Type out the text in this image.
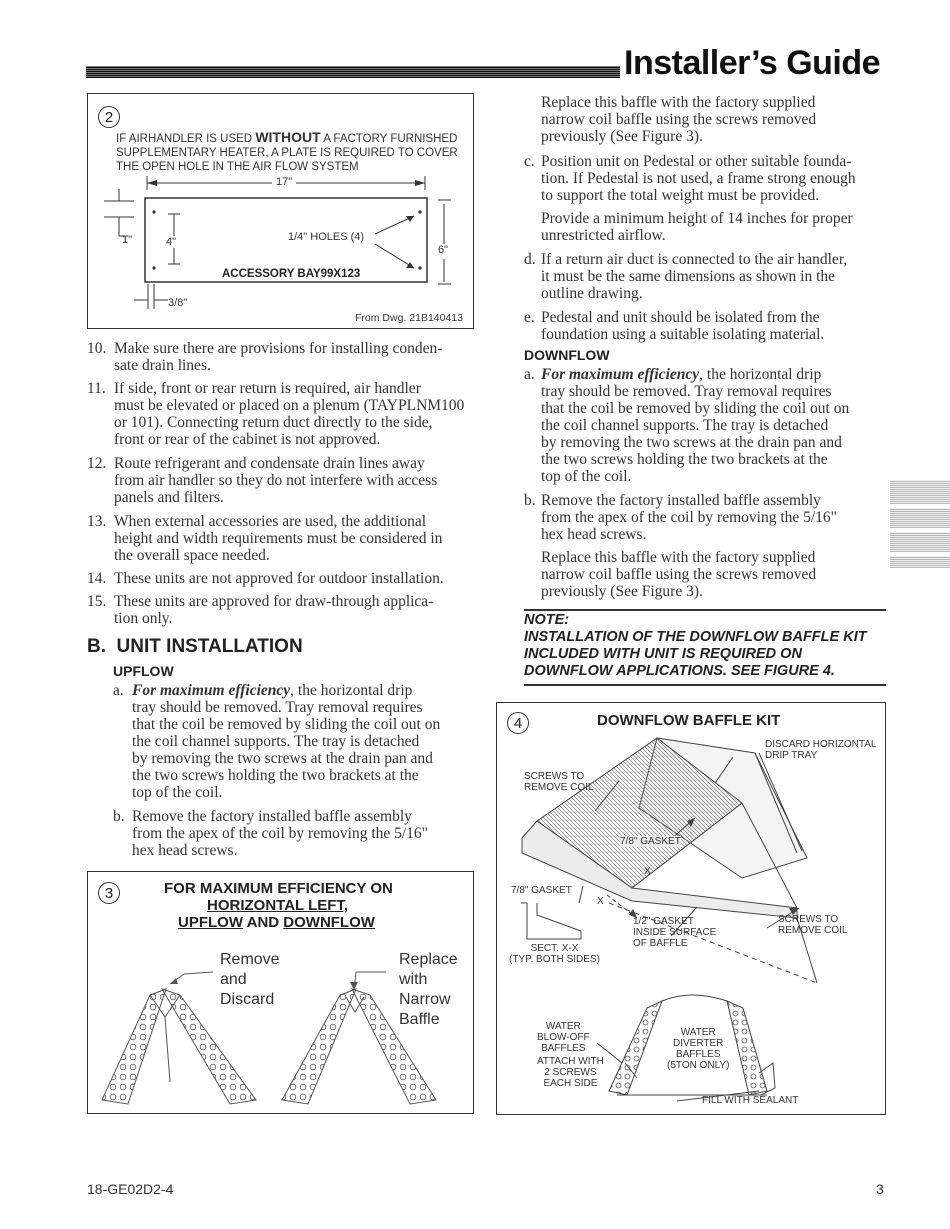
Installer’s Guide
2
IF AIRHANDLER IS USED WITHOUT A FACTORY FURNISHED SUPPLEMENTARY HEATER, A PLATE IS REQUIRED TO COVER THE OPEN HOLE IN THE AIR FLOW SYSTEM
17"
1"	4"
6"
3/8"
1/4" HOLES (4)
ACCESSORY BAY99X123
From Dwg. 21B140413
10. Make sure there are provisions for installing conden-
sate drain lines.
11. If side, front or rear return is required, air handler
must be elevated or placed on a plenum (TAYPLNM100
or 101). Connecting return duct directly to the side,
front or rear of the cabinet is not approved.
12. Route refrigerant and condensate drain lines away
from air handler so they do not interfere with access
panels and filters.
13. When external accessories are used, the additional
height and width requirements must be considered in
the overall space needed.
14. These units are not approved for outdoor installation.
15. These units are approved for draw-through applica-
tion only.
B.  UNIT INSTALLATION
UPFLOW
a. For maximum efficiency, the horizontal drip
tray should be removed. Tray removal requires
that the coil be removed by sliding the coil out on
the coil channel supports. The tray is detached
by removing the two screws at the drain pan and
the two screws holding the two brackets at the
top of the coil.
b. Remove the factory installed baffle assembly
from the apex of the coil by removing the 5/16"
hex head screws.
3	FOR MAXIMUM EFFICIENCY ON
HORIZONTAL LEFT,
UPFLOW AND DOWNFLOW
Remove
and
Discard
Replace
with
Narrow
Baffle
Replace this baffle with the factory supplied
narrow coil baffle using the screws removed
previously (See Figure 3).
c. Position unit on Pedestal or other suitable founda-
tion. If Pedestal is not used, a frame strong enough
to support the total weight must be provided.
Provide a minimum height of 14 inches for proper
unrestricted airflow.
d. If a return air duct is connected to the air handler,
it must be the same dimensions as shown in the
outline drawing.
e. Pedestal and unit should be isolated from the
foundation using a suitable isolating material.
DOWNFLOW
a. For maximum efficiency, the horizontal drip
tray should be removed. Tray removal requires
that the coil be removed by sliding the coil out on
the coil channel supports. The tray is detached
by removing the two screws at the drain pan and
the two screws holding the two brackets at the
top of the coil.
b. Remove the factory installed baffle assembly
from the apex of the coil by removing the 5/16"
hex head screws.
Replace this baffle with the factory supplied
narrow coil baffle using the screws removed
previously (See Figure 3).
NOTE:
INSTALLATION OF THE DOWNFLOW BAFFLE KIT
INCLUDED WITH UNIT IS REQUIRED ON
DOWNFLOW APPLICATIONS. SEE FIGURE 4.
4	DOWNFLOW BAFFLE KIT
DISCARD HORIZONTAL
DRIP TRAY
SCREWS TO
REMOVE COIL
7/8" GASKET
X
7/8" GASKET
X
1/2" GASKET
INSIDE SURFACE
OF BAFFLE
SCREWS TO
REMOVE COIL
SECT. X-X
(TYP. BOTH SIDES)
WATER
BLOW-OFF
BAFFLES
ATTACH WITH
2 SCREWS
EACH SIDE
WATER
DIVERTER
BAFFLES
(5TON ONLY)
FILL WITH SEALANT
18-GE02D2-4	3
